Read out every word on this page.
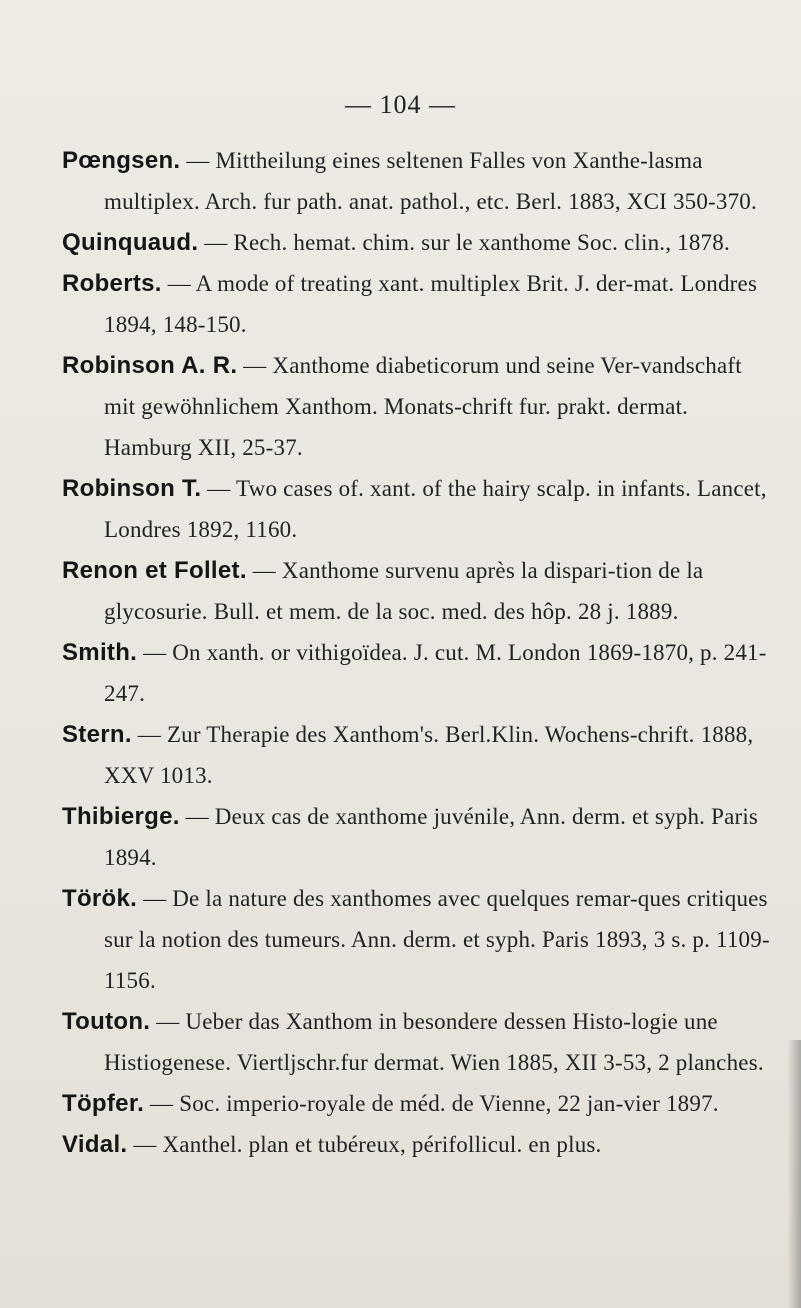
— 104 —
Pœngsen. — Mittheilung eines seltenen Falles von Xanthe-lasma multiplex. Arch. fur path. anat. pathol., etc. Berl. 1883, XCI 350-370.
Quinquaud. — Rech. hemat. chim. sur le xanthome Soc. clin., 1878.
Roberts. — A mode of treating xant. multiplex Brit. J. der-mat. Londres 1894, 148-150.
Robinson A. R. — Xanthome diabeticorum und seine Ver-vandschaft mit gewöhnlichem Xanthom. Monats-chrift fur. prakt. dermat. Hamburg XII, 25-37.
Robinson T. — Two cases of. xant. of the hairy scalp. in infants. Lancet, Londres 1892, 1160.
Renon et Follet. — Xanthome survenu après la dispari-tion de la glycosurie. Bull. et mem. de la soc. med. des hôp. 28 j. 1889.
Smith. — On xanth. or vithigoïdea. J. cut. M. London 1869-1870, p. 241-247.
Stern. — Zur Therapie des Xanthom's. Berl.Klin. Wochens-chrift. 1888, XXV 1013.
Thibierge. — Deux cas de xanthome juvénile, Ann. derm. et syph. Paris 1894.
Török. — De la nature des xanthomes avec quelques remar-ques critiques sur la notion des tumeurs. Ann. derm. et syph. Paris 1893, 3 s. p. 1109-1156.
Touton. — Ueber das Xanthom in besondere dessen Histo-logie une Histiogenese. Viertljschr.fur dermat. Wien 1885, XII 3-53, 2 planches.
Töpfer. — Soc. imperio-royale de méd. de Vienne, 22 jan-vier 1897.
Vidal. — Xanthel. plan et tubéreux, périfollicul. en plus.
